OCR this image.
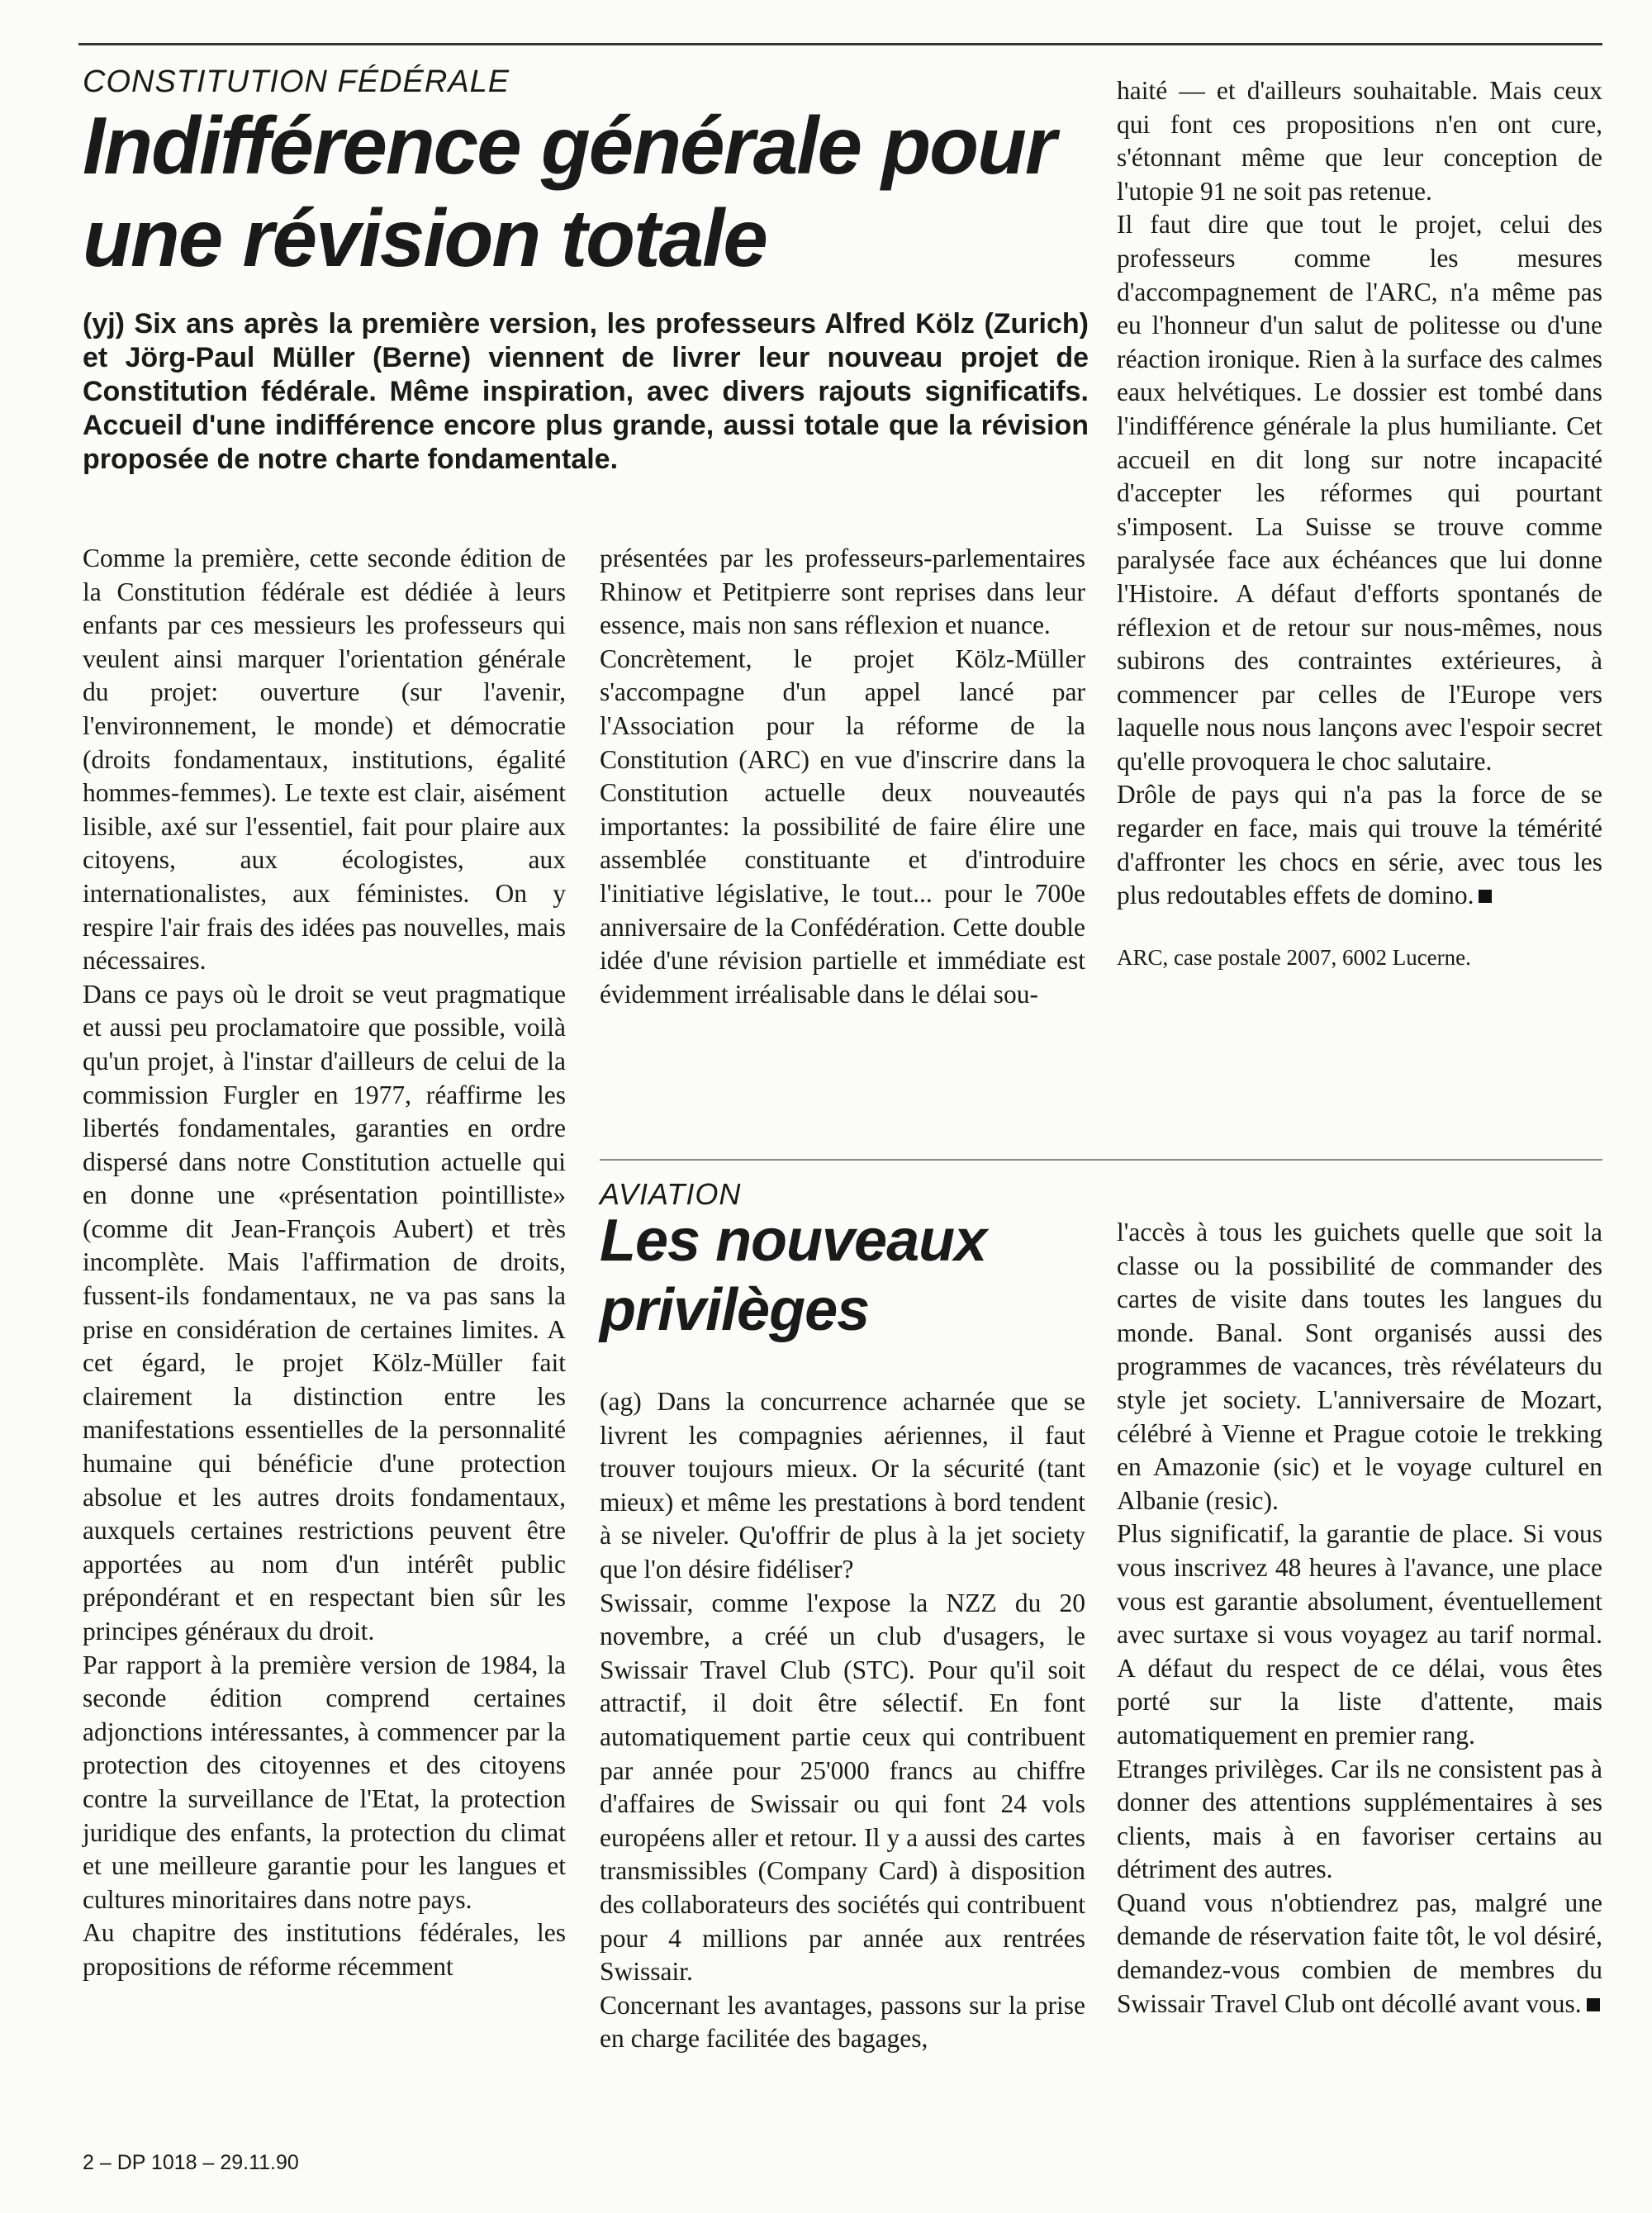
CONSTITUTION FÉDÉRALE
Indifférence générale pour
une révision totale
(yj) Six ans après la première version, les professeurs Alfred Kölz (Zurich) et Jörg-Paul Müller (Berne) viennent de livrer leur nouveau projet de Constitution fédérale. Même inspiration, avec divers rajouts significatifs. Accueil d'une indifférence encore plus grande, aussi totale que la révision proposée de notre charte fondamentale.

Comme la première, cette seconde édition de la Constitution fédérale est dédiée à leurs enfants par ces messieurs les professeurs qui veulent ainsi marquer l'orientation générale du projet: ouverture (sur l'avenir, l'environnement, le monde) et démocratie (droits fondamentaux, institutions, égalité hommes-femmes). Le texte est clair, aisément lisible, axé sur l'essentiel, fait pour plaire aux citoyens, aux écologistes, aux internationalistes, aux féministes. On y respire l'air frais des idées pas nouvelles, mais nécessaires.

Dans ce pays où le droit se veut pragmatique et aussi peu proclamatoire que possible, voilà qu'un projet, à l'instar d'ailleurs de celui de la commission Furgler en 1977, réaffirme les libertés fondamentales, garanties en ordre dispersé dans notre Constitution actuelle qui en donne une «présentation pointilliste» (comme dit Jean-François Aubert) et très incomplète. Mais l'affirmation de droits, fussent-ils fondamentaux, ne va pas sans la prise en considération de certaines limites. A cet égard, le projet Kölz-Müller fait clairement la distinction entre les manifestations essentielles de la personnalité humaine qui bénéficie d'une protection absolue et les autres droits fondamentaux, auxquels certaines restrictions peuvent être apportées au nom d'un intérêt public prépondérant et en respectant bien sûr les principes généraux du droit.

Par rapport à la première version de 1984, la seconde édition comprend certaines adjonctions intéressantes, à commencer par la protection des citoyennes et des citoyens contre la surveillance de l'Etat, la protection juridique des enfants, la protection du climat et une meilleure garantie pour les langues et cultures minoritaires dans notre pays.

Au chapitre des institutions fédérales, les propositions de réforme récemment

présentées par les professeurs-parlementaires Rhinow et Petitpierre sont reprises dans leur essence, mais non sans réflexion et nuance.

Concrètement, le projet Kölz-Müller s'accompagne d'un appel lancé par l'Association pour la réforme de la Constitution (ARC) en vue d'inscrire dans la Constitution actuelle deux nouveautés importantes: la possibilité de faire élire une assemblée constituante et d'introduire l'initiative législative, le tout... pour le 700e anniversaire de la Confédération. Cette double idée d'une révision partielle et immédiate est évidemment irréalisable dans le délai sou-

haité — et d'ailleurs souhaitable. Mais ceux qui font ces propositions n'en ont cure, s'étonnant même que leur conception de l'utopie 91 ne soit pas retenue.

Il faut dire que tout le projet, celui des professeurs comme les mesures d'accompagnement de l'ARC, n'a même pas eu l'honneur d'un salut de politesse ou d'une réaction ironique. Rien à la surface des calmes eaux helvétiques. Le dossier est tombé dans l'indifférence générale la plus humiliante. Cet accueil en dit long sur notre incapacité d'accepter les réformes qui pourtant s'imposent. La Suisse se trouve comme paralysée face aux échéances que lui donne l'Histoire. A défaut d'efforts spontanés de réflexion et de retour sur nous-mêmes, nous subirons des contraintes extérieures, à commencer par celles de l'Europe vers laquelle nous nous lançons avec l'espoir secret qu'elle provoquera le choc salutaire.

Drôle de pays qui n'a pas la force de se regarder en face, mais qui trouve la témérité d'affronter les chocs en série, avec tous les plus redoutables effets de domino.

ARC, case postale 2007, 6002 Lucerne.

AVIATION
Les nouveaux
privilèges

(ag) Dans la concurrence acharnée que se livrent les compagnies aériennes, il faut trouver toujours mieux. Or la sécurité (tant mieux) et même les prestations à bord tendent à se niveler. Qu'offrir de plus à la jet society que l'on désire fidéliser?

Swissair, comme l'expose la NZZ du 20 novembre, a créé un club d'usagers, le Swissair Travel Club (STC). Pour qu'il soit attractif, il doit être sélectif. En font automatiquement partie ceux qui contribuent par année pour 25'000 francs au chiffre d'affaires de Swissair ou qui font 24 vols européens aller et retour. Il y a aussi des cartes transmissibles (Company Card) à disposition des collaborateurs des sociétés qui contribuent pour 4 millions par année aux rentrées Swissair.

Concernant les avantages, passons sur la prise en charge facilitée des bagages,

l'accès à tous les guichets quelle que soit la classe ou la possibilité de commander des cartes de visite dans toutes les langues du monde. Banal. Sont organisés aussi des programmes de vacances, très révélateurs du style jet society. L'anniversaire de Mozart, célébré à Vienne et Prague cotoie le trekking en Amazonie (sic) et le voyage culturel en Albanie (resic).

Plus significatif, la garantie de place. Si vous vous inscrivez 48 heures à l'avance, une place vous est garantie absolument, éventuellement avec surtaxe si vous voyagez au tarif normal. A défaut du respect de ce délai, vous êtes porté sur la liste d'attente, mais automatiquement en premier rang.

Etranges privilèges. Car ils ne consistent pas à donner des attentions supplémentaires à ses clients, mais à en favoriser certains au détriment des autres.

Quand vous n'obtiendrez pas, malgré une demande de réservation faite tôt, le vol désiré, demandez-vous combien de membres du Swissair Travel Club ont décollé avant vous.

2 – DP 1018 – 29.11.90
